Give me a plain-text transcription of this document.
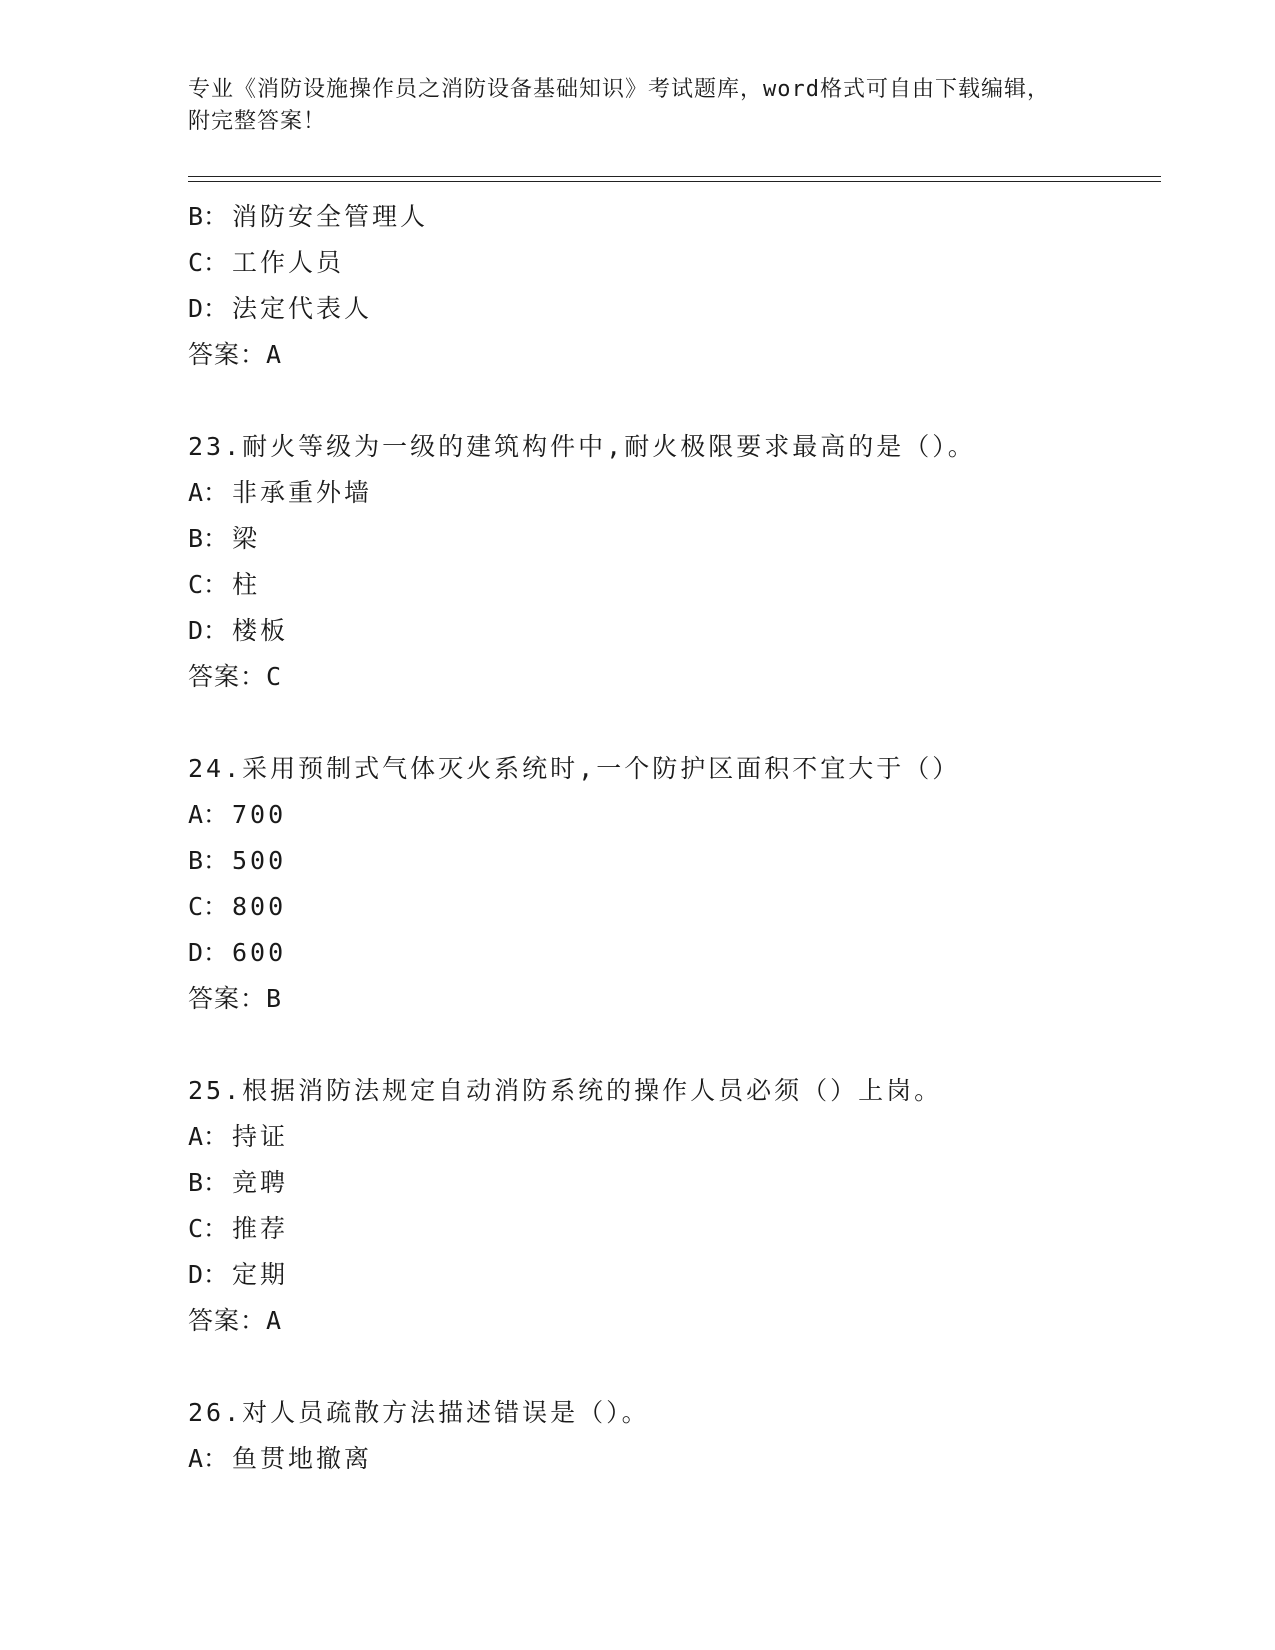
专业《消防设施操作员之消防设备基础知识》考试题库，word格式可自由下载编辑，附完整答案！
B： 消防安全管理人
C： 工作人员
D： 法定代表人
答案：A
23.耐火等级为一级的建筑构件中,耐火极限要求最高的是（）。
A： 非承重外墙
B： 梁
C： 柱
D： 楼板
答案：C
24.采用预制式气体灭火系统时,一个防护区面积不宜大于（）
A： 700
B： 500
C： 800
D： 600
答案：B
25.根据消防法规定自动消防系统的操作人员必须（）上岗。
A： 持证
B： 竞聘
C： 推荐
D： 定期
答案：A
26.对人员疏散方法描述错误是（）。
A： 鱼贯地撤离
